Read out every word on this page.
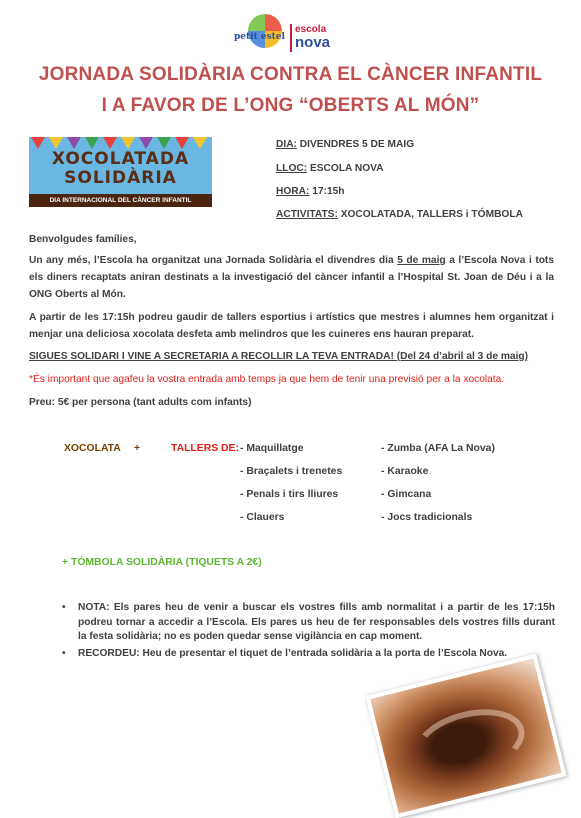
petit estel
escola
nova
JORNADA SOLIDÀRIA CONTRA EL CÀNCER INFANTIL
I A FAVOR DE L’ONG “OBERTS AL MÓN”
XOCOLATADA
SOLIDÀRIA
DIA INTERNACIONAL DEL CÀNCER INFANTIL
DIA: DIVENDRES 5 DE MAIG
LLOC: ESCOLA NOVA
HORA: 17:15h
ACTIVITATS: XOCOLATADA, TALLERS i TÓMBOLA
Benvolgudes famílies,
Un any més, l’Escola ha organitzat una Jornada Solidària el divendres dia 5 de maig a l’Escola Nova i tots els diners recaptats aniran destinats a la investigació del càncer infantil a l’Hospital St. Joan de Déu i a la ONG Oberts al Món.
A partir de les 17:15h podreu gaudir de tallers esportius i artístics que mestres i alumnes hem organitzat i menjar una deliciosa xocolata desfeta amb melindros que les cuineres ens hauran preparat.
SIGUES SOLIDARI I VINE A SECRETARIA A RECOLLIR LA TEVA ENTRADA! (Del 24 d’abril al 3 de maig)
*És important que agafeu la vostra entrada amb temps ja que hem de tenir una previsió per a la xocolata.
Preu: 5€ per persona (tant adults com infants)
XOCOLATA +	TALLERS DE: - Maquillatge
- Braçalets i trenetes
- Penals i tirs lliures
- Clauers
- Zumba (AFA La Nova)
- Karaoke
- Gimcana
- Jocs tradicionals
+ TÓMBOLA SOLIDÀRIA (TIQUETS A 2€)
• NOTA: Els pares heu de venir a buscar els vostres fills amb normalitat i a partir de les 17:15h podreu tornar a accedir a l’Escola. Els pares us heu de fer responsables dels vostres fills durant la festa solidària; no es poden quedar sense vigilància en cap moment.
• RECORDEU: Heu de presentar el tiquet de l’entrada solidària a la porta de l’Escola Nova.
